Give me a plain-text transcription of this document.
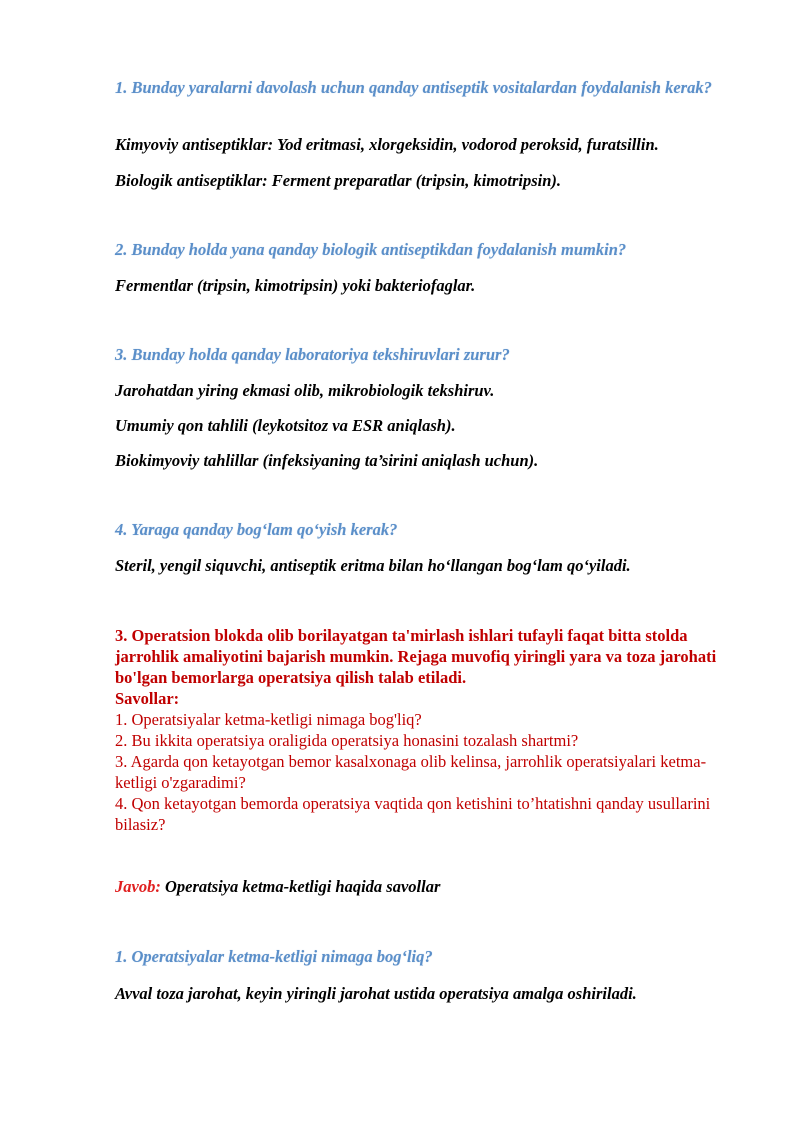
1. Bunday yaralarni davolash uchun qanday antiseptik vositalardan foydalanish kerak?
Kimyoviy antiseptiklar: Yod eritmasi, xlorgeksidin, vodorod peroksid, furatsillin.
Biologik antiseptiklar: Ferment preparatlar (tripsin, kimotripsin).
2. Bunday holda yana qanday biologik antiseptikdan foydalanish mumkin?
Fermentlar (tripsin, kimotripsin) yoki bakteriofaglar.
3. Bunday holda qanday laboratoriya tekshiruvlari zurur?
Jarohatdan yiring ekmasi olib, mikrobiologik tekshiruv.
Umumiy qon tahlili (leykotsitoz va ESR aniqlash).
Biokimyoviy tahlillar (infeksiyaning ta’sirini aniqlash uchun).
4. Yaraga qanday bog‘lam qo‘yish kerak?
Steril, yengil siquvchi, antiseptik eritma bilan ho‘llangan bog‘lam qo‘yiladi.

3. Operatsion blokda olib borilayatgan ta'mirlash ishlari tufayli faqat bitta stolda jarrohlik amaliyotini bajarish mumkin. Rejaga muvofiq yiringli yara va toza jarohati bo'lgan bemorlarga operatsiya qilish talab etiladi.

Savollar:

1. Operatsiyalar ketma-ketligi nimaga bog'liq?
2. Bu ikkita operatsiya oraligida operatsiya honasini tozalash shartmi?
3. Agarda qon ketayotgan bemor kasalxonaga olib kelinsa, jarrohlik operatsiyalari ketma-ketligi o'zgaradimi?
4. Qon ketayotgan bemorda operatsiya vaqtida qon ketishini to’htatishni qanday usullarini bilasiz?
Javob: Operatsiya ketma-ketligi haqida savollar
1. Operatsiyalar ketma-ketligi nimaga bog‘liq?
Avval toza jarohat, keyin yiringli jarohat ustida operatsiya amalga oshiriladi.
